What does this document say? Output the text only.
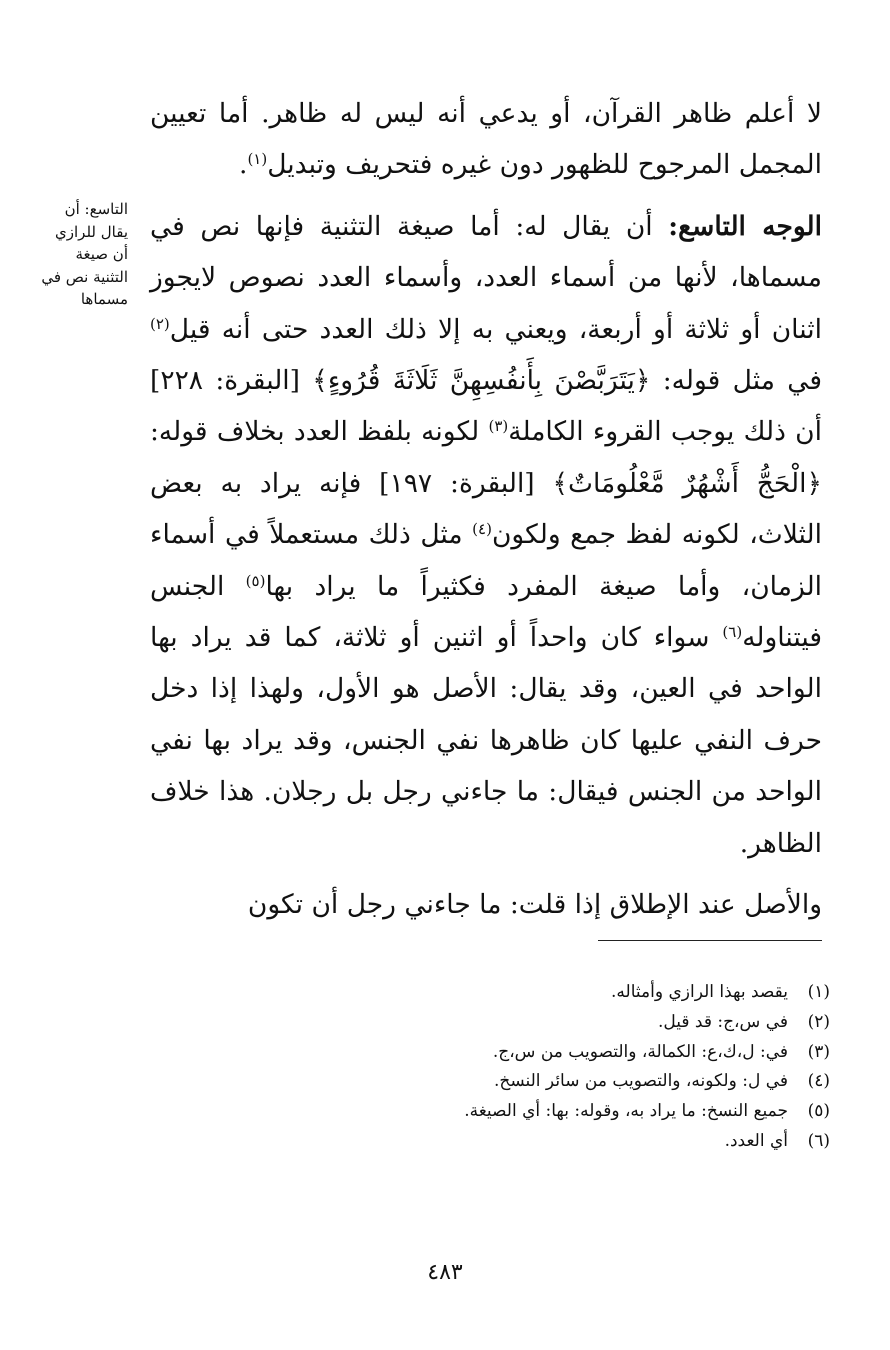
لا أعلم ظاهر القرآن، أو يدعي أنه ليس له ظاهر. أما تعيين المجمل المرجوح للظهور دون غيره فتحريف وتبديل$^{(١)}$.

الوجه التاسع: أن يقال له: أما صيغة التثنية فإنها نص في مسماها، لأنها من أسماء العدد، وأسماء العدد نصوص لايجوز اثنان أو ثلاثة أو أربعة، ويعني به إلا ذلك العدد حتى أنه قيل$^{(٢)}$ في مثل قوله: ﴿يَتَرَبَّصْنَ بِأَنفُسِهِنَّ ثَلَاثَةَ قُرُوءٍ﴾ [البقرة: ٢٢٨] أن ذلك يوجب القروء الكاملة$^{(٣)}$ لكونه بلفظ العدد بخلاف قوله: ﴿الْحَجُّ أَشْهُرٌ مَّعْلُومَاتٌ﴾ [البقرة: ١٩٧] فإنه يراد به بعض الثلاث، لكونه لفظ جمع ولكون$^{(٤)}$ مثل ذلك مستعملاً في أسماء الزمان، وأما صيغة المفرد فكثيراً ما يراد بها$^{(٥)}$ الجنس فيتناوله$^{(٦)}$ سواء كان واحداً أو اثنين أو ثلاثة، كما قد يراد بها الواحد في العين، وقد يقال: الأصل هو الأول، ولهذا إذا دخل حرف النفي عليها كان ظاهرها نفي الجنس، وقد يراد بها نفي الواحد من الجنس فيقال: ما جاءني رجل بل رجلان. هذا خلاف الظاهر.

والأصل عند الإطلاق إذا قلت: ما جاءني رجل أن تكون

التاسع: أن
يقال للرازي
أن صيغة
التثنية نص في
مسماها
(١)
يقصد بهذا الرازي وأمثاله.
(٢)
في س،ج: قد قيل.
(٣)
في: ل،ك،ع: الكمالة، والتصويب من س،ج.
(٤)
في ل: ولكونه، والتصويب من سائر النسخ.
(٥)
جميع النسخ: ما يراد به، وقوله: بها: أي الصيغة.
(٦)
أي العدد.
٤٨٣
